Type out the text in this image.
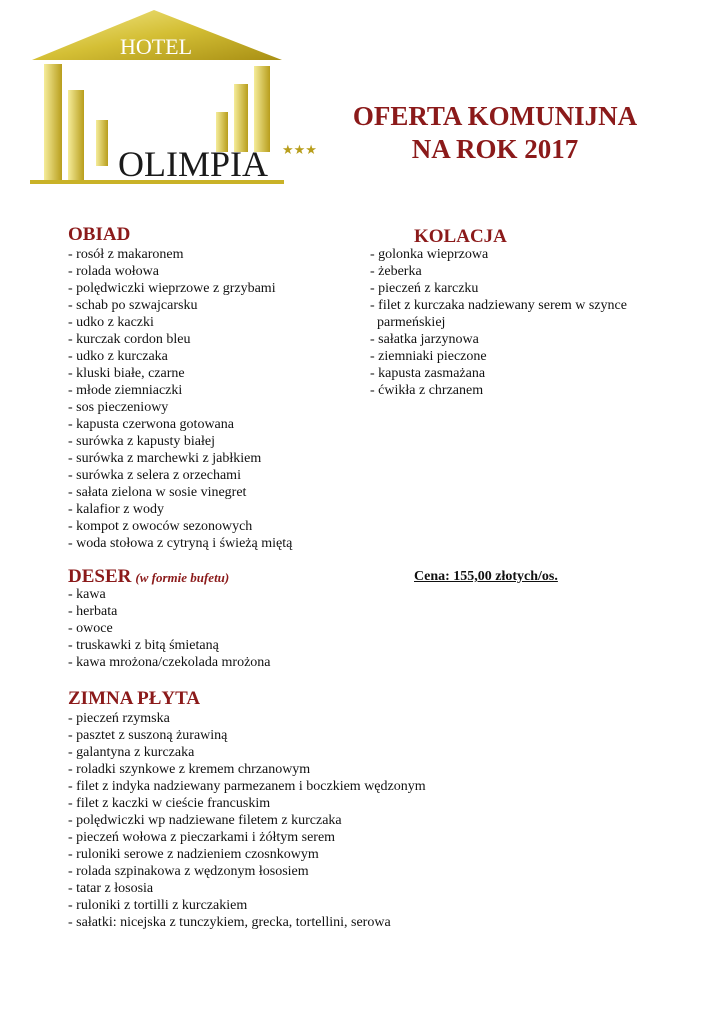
HOTEL
OLIMPIA ★★★
OFERTA KOMUNIJNA
NA ROK 2017
OBIAD
- rosół z makaronem
- rolada wołowa
- polędwiczki wieprzowe z grzybami
- schab po szwajcarsku
- udko z kaczki
- kurczak cordon bleu
- udko z kurczaka
- kluski białe, czarne
- młode ziemniaczki
- sos pieczeniowy
- kapusta czerwona gotowana
- surówka z kapusty białej
- surówka z marchewki z jabłkiem
- surówka z selera z orzechami
- sałata zielona w sosie vinegret
- kalafior z wody
- kompot z owoców sezonowych
- woda stołowa z cytryną i świeżą miętą
KOLACJA
- golonka wieprzowa
- żeberka
- pieczeń z karczku
- filet z kurczaka nadziewany serem w szynce
parmeńskiej
- sałatka jarzynowa
- ziemniaki pieczone
- kapusta zasmażana
- ćwikła z chrzanem
DESER (w formie bufetu)
- kawa
- herbata
- owoce
- truskawki z bitą śmietaną
- kawa mrożona/czekolada mrożona
Cena: 155,00 złotych/os.
ZIMNA PŁYTA
- pieczeń rzymska
- pasztet z suszoną żurawiną
- galantyna z kurczaka
- roladki szynkowe z kremem chrzanowym
- filet z indyka nadziewany parmezanem i boczkiem wędzonym
- filet z kaczki w cieście francuskim
- polędwiczki wp nadziewane filetem z kurczaka
- pieczeń wołowa z pieczarkami i żółtym serem
- ruloniki serowe z nadzieniem czosnkowym
- rolada szpinakowa z wędzonym łososiem
- tatar z łososia
- ruloniki z tortilli z kurczakiem
- sałatki: nicejska z tunczykiem, grecka, tortellini, serowa
